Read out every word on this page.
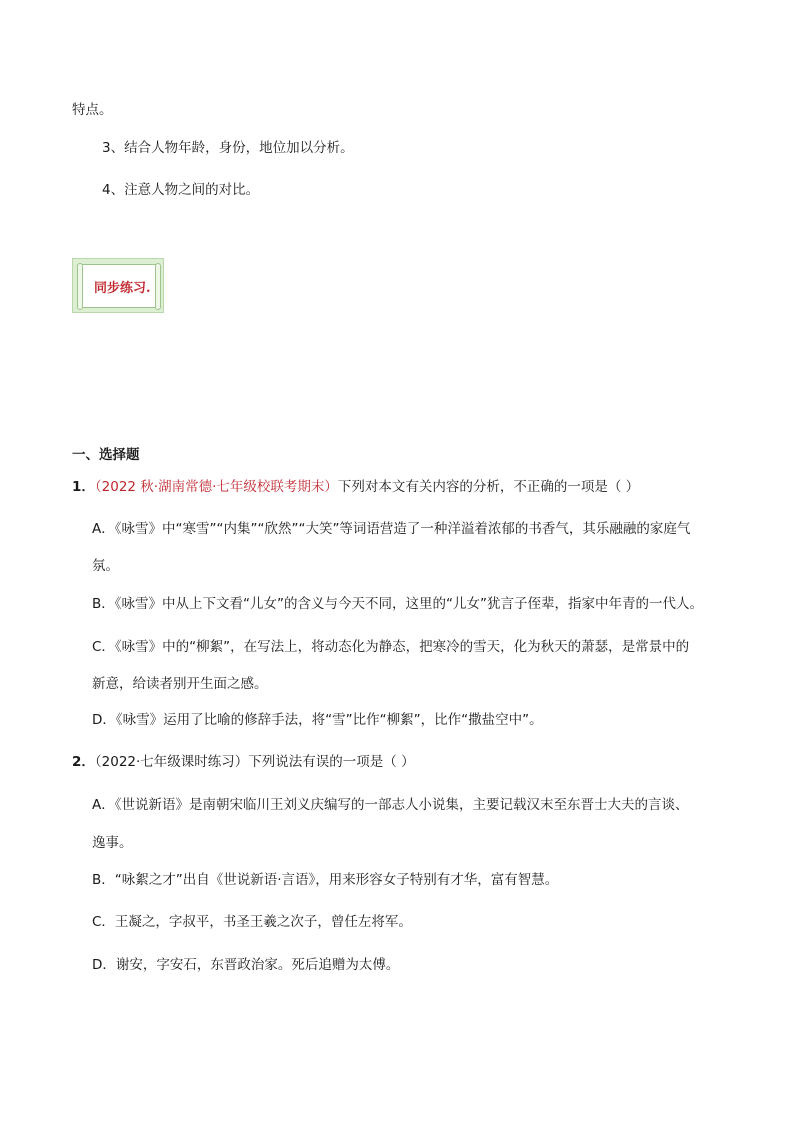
特点。
3、结合人物年龄，身份，地位加以分析。
4、注意人物之间的对比。
同步练习.
一、选择题
1．（2022 秋·湖南常德·七年级校联考期末）下列对本文有关内容的分析，不正确的一项是（ ）
A．《咏雪》中“寒雪”“内集”“欣然”“大笑”等词语营造了一种洋溢着浓郁的书香气，其乐融融的家庭气
氛。
B．《咏雪》中从上下文看“儿女”的含义与今天不同，这里的“儿女”犹言子侄辈，指家中年青的一代人。
C．《咏雪》中的“柳絮”，在写法上，将动态化为静态，把寒冷的雪天，化为秋天的萧瑟，是常景中的
新意，给读者别开生面之感。
D．《咏雪》运用了比喻的修辞手法，将“雪”比作“柳絮”，比作“撒盐空中”。
2．（2022·七年级课时练习）下列说法有误的一项是（ ）
A．《世说新语》是南朝宋临川王刘义庆编写的一部志人小说集，主要记载汉末至东晋士大夫的言谈、
逸事。
B．“咏絮之才”出自《世说新语·言语》，用来形容女子特别有才华，富有智慧。
C．王凝之，字叔平，书圣王羲之次子，曾任左将军。
D．谢安，字安石，东晋政治家。死后追赠为太傅。
